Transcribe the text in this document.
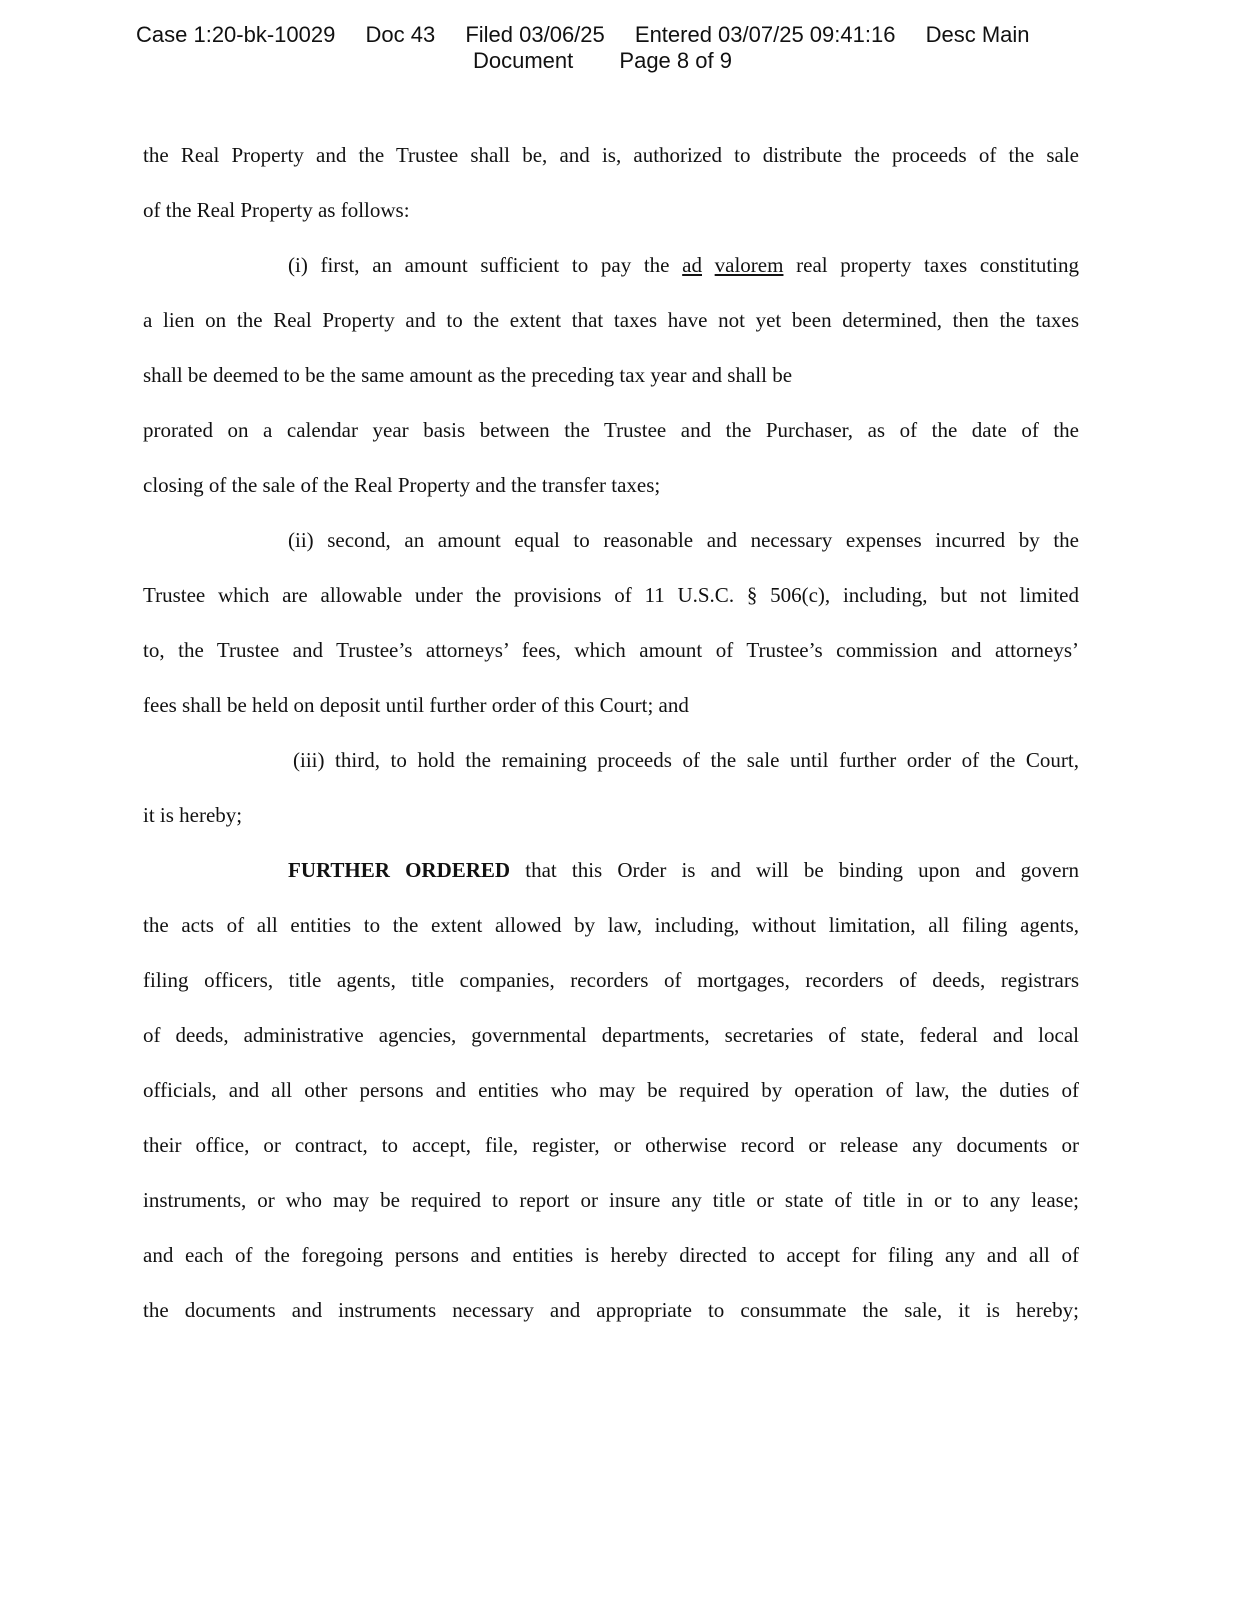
Case 1:20-bk-10029 Doc 43 Filed 03/06/25 Entered 03/07/25 09:41:16 Desc Main
Document Page 8 of 9
the Real Property and the Trustee shall be, and is, authorized to distribute the proceeds of the sale
of the Real Property as follows:
(i) first, an amount sufficient to pay the ad valorem real property taxes constituting
a lien on the Real Property and to the extent that taxes have not yet been determined, then the taxes
shall be deemed to be the same amount as the preceding tax year and shall be
prorated on a calendar year basis between the Trustee and the Purchaser, as of the date of the
closing of the sale of the Real Property and the transfer taxes;
(ii) second, an amount equal to reasonable and necessary expenses incurred by the
Trustee which are allowable under the provisions of 11 U.S.C. § 506(c), including, but not limited
to, the Trustee and Trustee’s attorneys’ fees, which amount of Trustee’s commission and attorneys’
fees shall be held on deposit until further order of this Court; and
(iii) third, to hold the remaining proceeds of the sale until further order of the Court,
it is hereby;
FURTHER ORDERED that this Order is and will be binding upon and govern
the acts of all entities to the extent allowed by law, including, without limitation, all filing agents,
filing officers, title agents, title companies, recorders of mortgages, recorders of deeds, registrars
of deeds, administrative agencies, governmental departments, secretaries of state, federal and local
officials, and all other persons and entities who may be required by operation of law, the duties of
their office, or contract, to accept, file, register, or otherwise record or release any documents or
instruments, or who may be required to report or insure any title or state of title in or to any lease;
and each of the foregoing persons and entities is hereby directed to accept for filing any and all of
the documents and instruments necessary and appropriate to consummate the sale, it is hereby;
